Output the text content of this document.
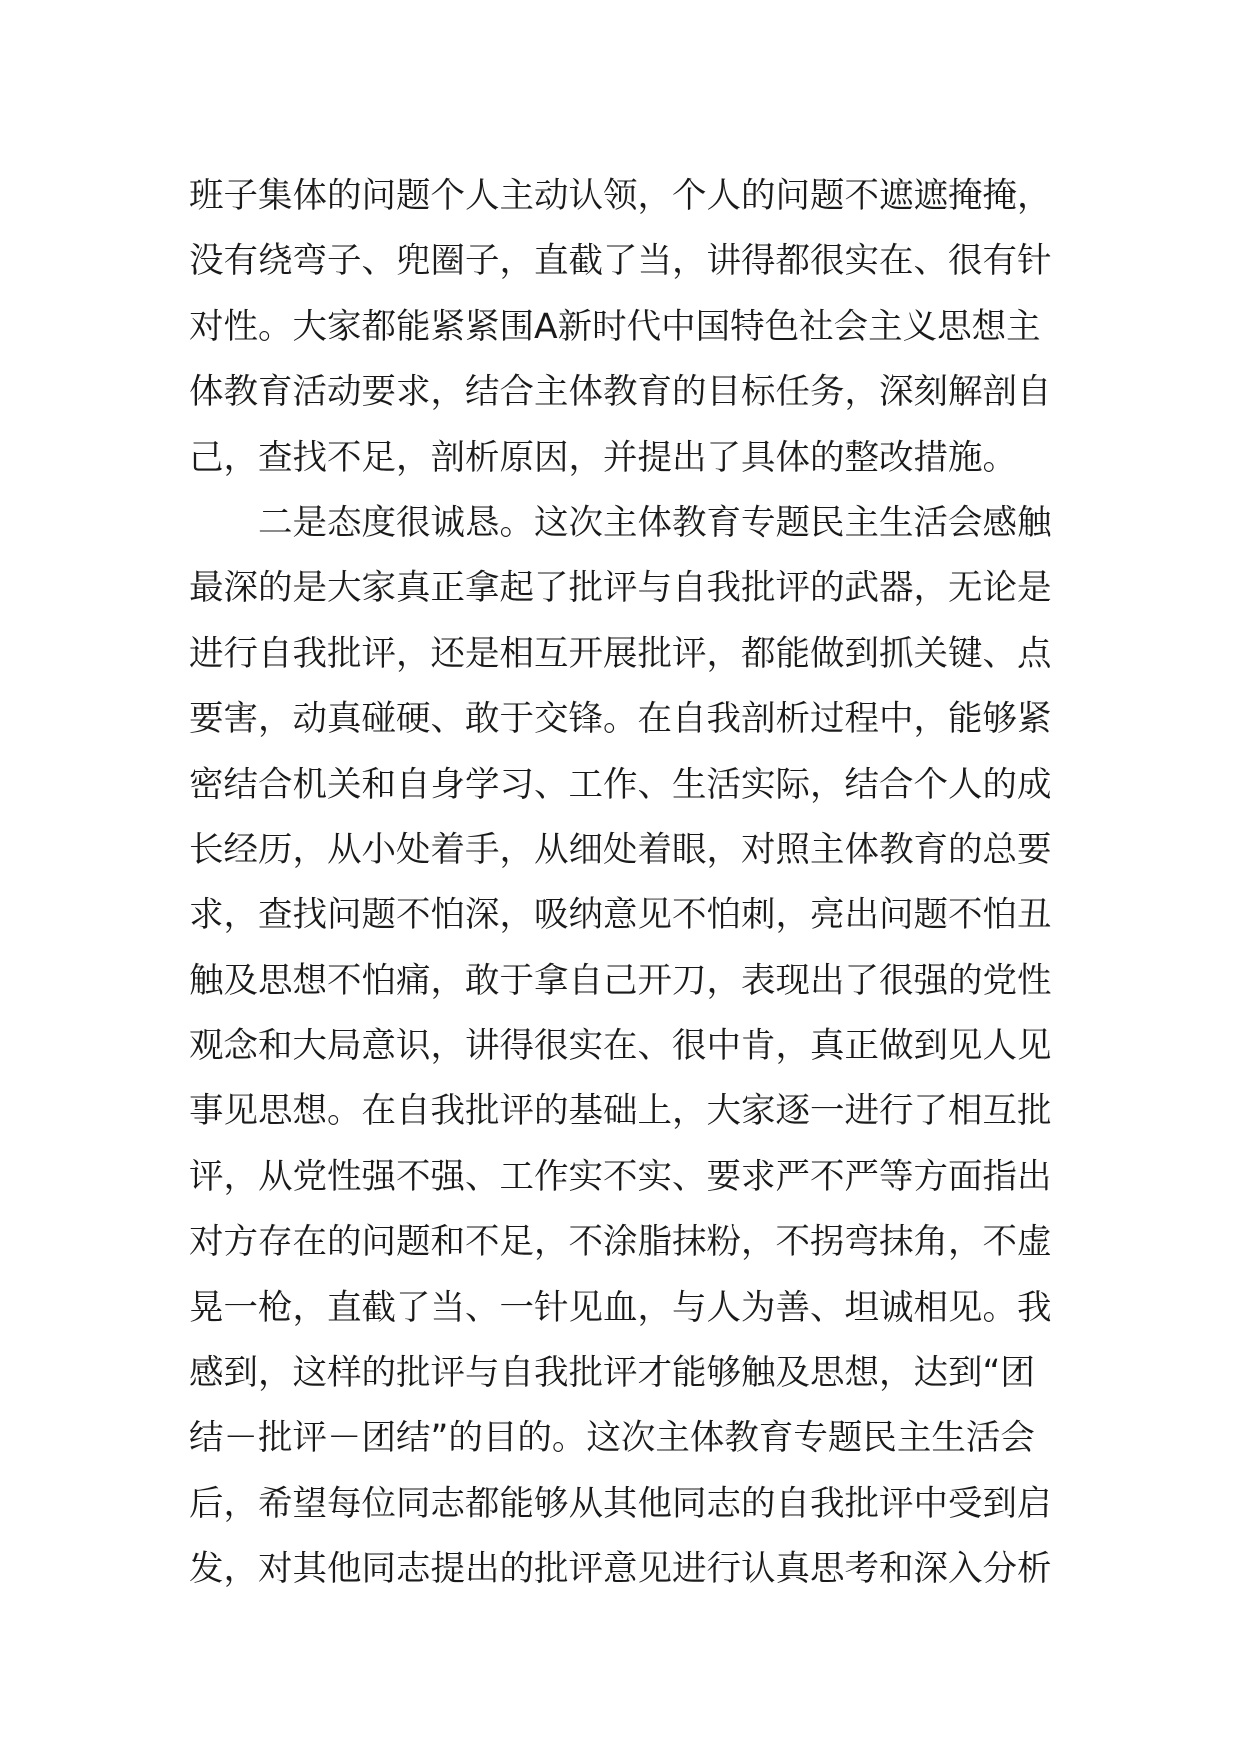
班子集体的问题个人主动认领，个人的问题不遮遮掩掩，
没有绕弯子、兜圈子，直截了当，讲得都很实在、很有针
对性。大家都能紧紧围A新时代中国特色社会主义思想主
体教育活动要求，结合主体教育的目标任务，深刻解剖自
己，查找不足，剖析原因，并提出了具体的整改措施。
　　二是态度很诚恳。这次主体教育专题民主生活会感触
最深的是大家真正拿起了批评与自我批评的武器，无论是
进行自我批评，还是相互开展批评，都能做到抓关键、点
要害，动真碰硬、敢于交锋。在自我剖析过程中，能够紧
密结合机关和自身学习、工作、生活实际，结合个人的成
长经历，从小处着手，从细处着眼，对照主体教育的总要
求，查找问题不怕深，吸纳意见不怕刺，亮出问题不怕丑
触及思想不怕痛，敢于拿自己开刀，表现出了很强的党性
观念和大局意识，讲得很实在、很中肯，真正做到见人见
事见思想。在自我批评的基础上，大家逐一进行了相互批
评，从党性强不强、工作实不实、要求严不严等方面指出
对方存在的问题和不足，不涂脂抹粉，不拐弯抹角，不虚
晃一枪，直截了当、一针见血，与人为善、坦诚相见。我
感到，这样的批评与自我批评才能够触及思想，达到“团
结－批评－团结”的目的。这次主体教育专题民主生活会
后，希望每位同志都能够从其他同志的自我批评中受到启
发，对其他同志提出的批评意见进行认真思考和深入分析
